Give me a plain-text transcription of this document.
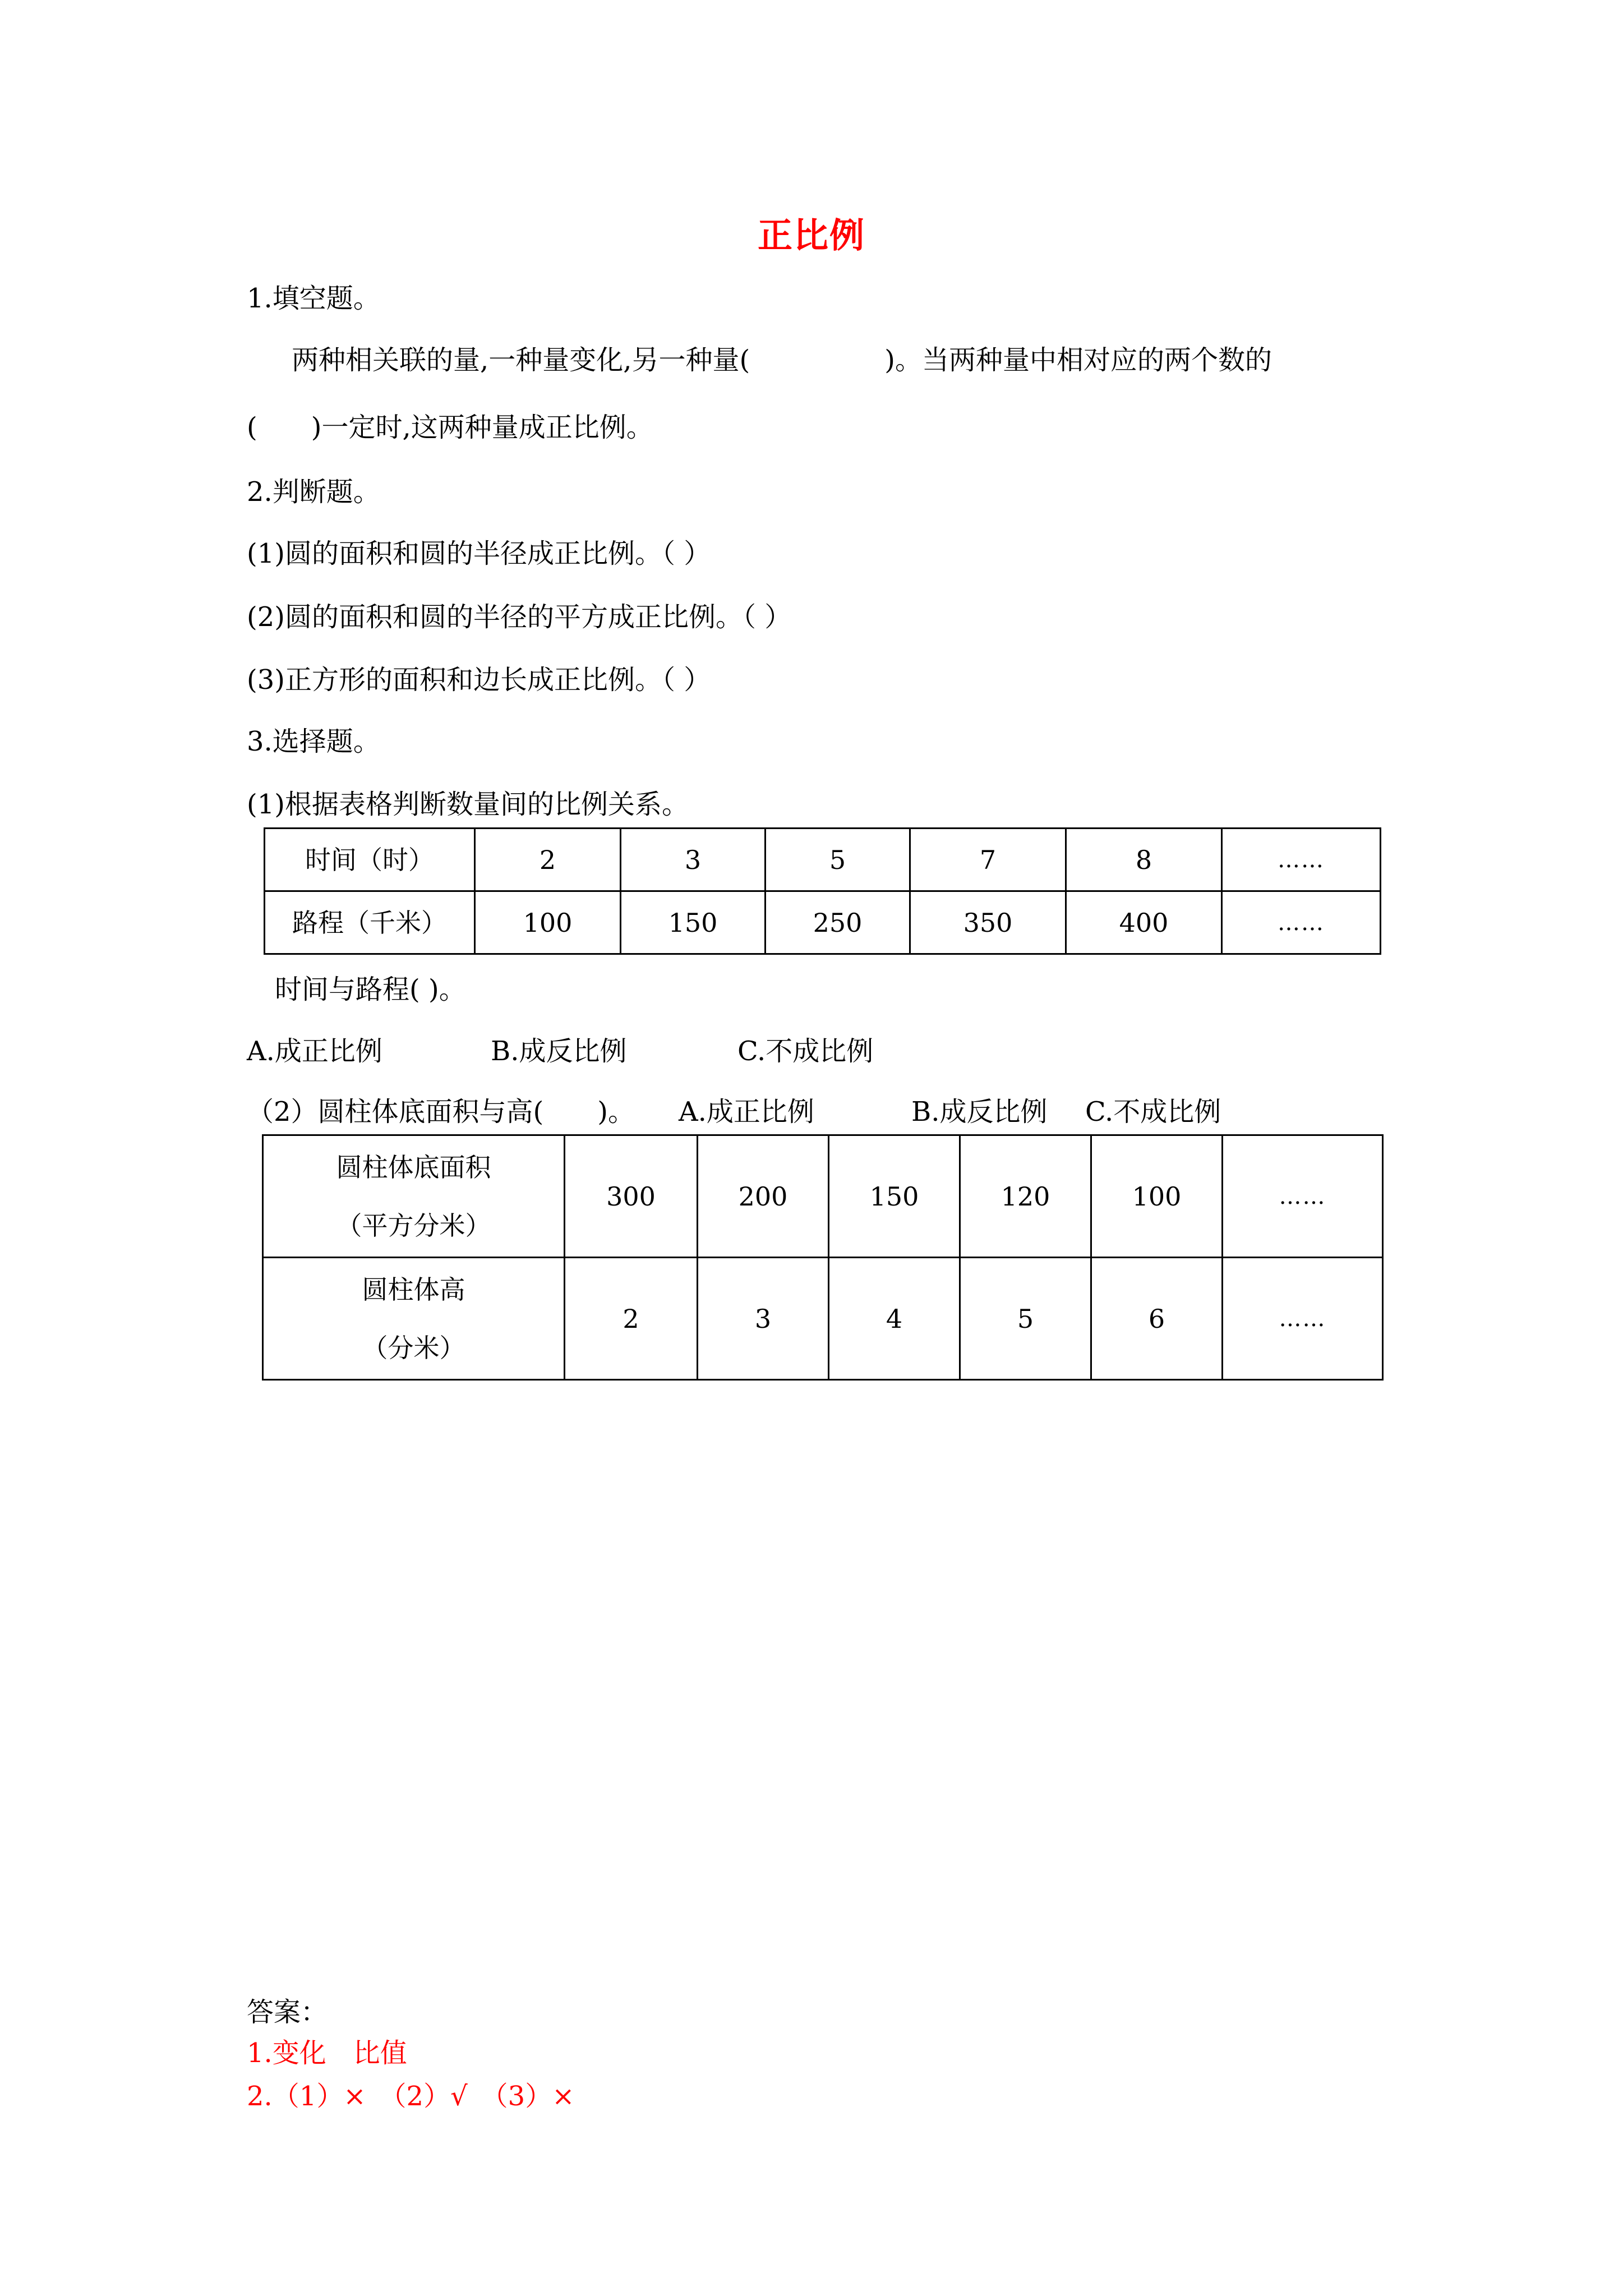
正比例
1.填空题。
两种相关联的量,一种量变化,另一种量(　　　　　)。当两种量中相对应的两个数的
(　　)一定时,这两种量成正比例。
2.判断题。
(1)圆的面积和圆的半径成正比例。（ ）
(2)圆的面积和圆的半径的平方成正比例。（ ）
(3)正方形的面积和边长成正比例。（ ）
3.选择题。
(1)根据表格判断数量间的比例关系。
时间（时）	2	3	5	7	8	……
路程（千米）	100	150	250	350	400	……
时间与路程( )。
A.成正比例	B.成反比例	C.不成比例
（2）圆柱体底面积与高(　　)。 A.成正比例	B.成反比例 C.不成比例
圆柱体底面积
（平方分米）	300	200	150	120	100	……

圆柱体高
（分米）	2	3	4	5	6	……
答案：
1.变化　比值
2.（1）×　（2）√　（3）×
